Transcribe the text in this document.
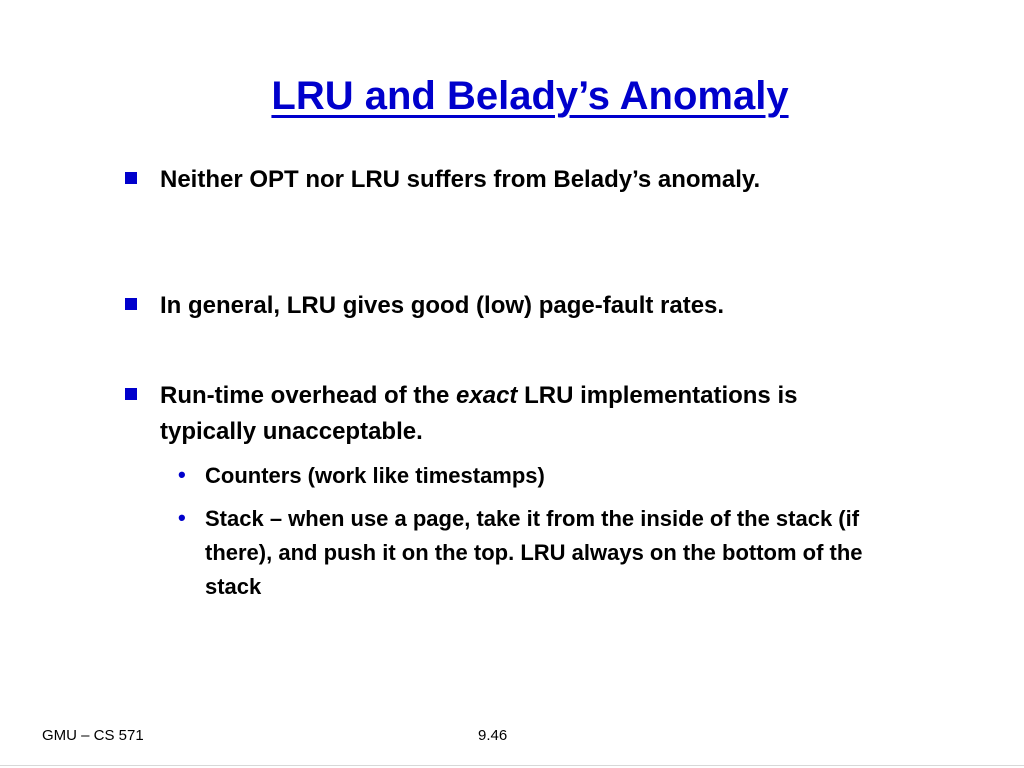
LRU and Belady’s Anomaly
Neither OPT nor LRU suffers from Belady’s anomaly.
In general, LRU gives good (low) page-fault rates.
Run-time overhead of the exact LRU implementations is typically unacceptable.
• Counters (work like timestamps)
• Stack – when use a page, take it from the inside of the stack (if there), and push it on the top. LRU always on the bottom of the stack
GMU – CS 571	9.46
